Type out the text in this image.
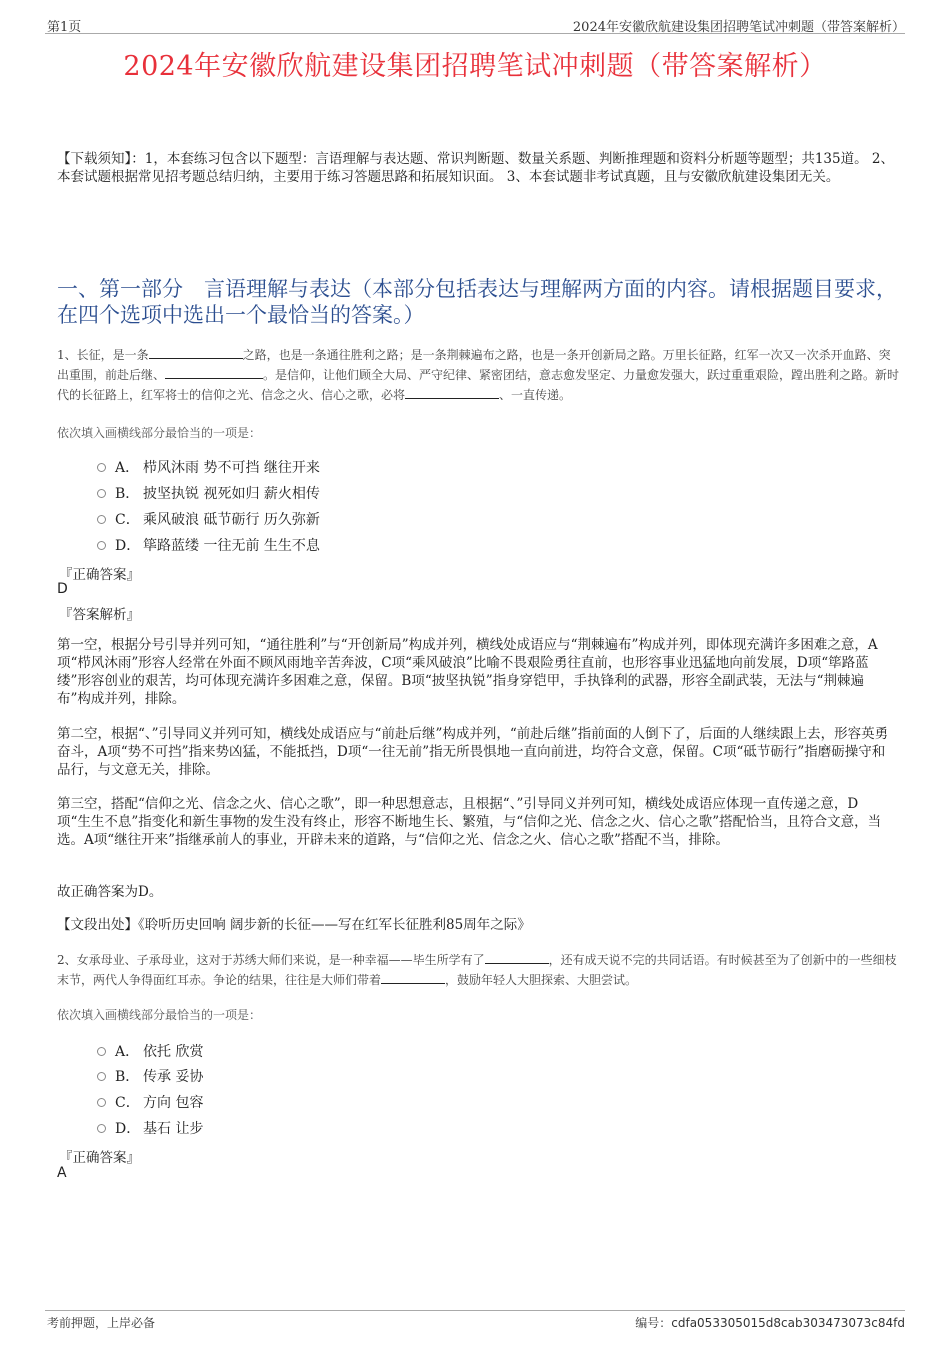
第1页	2024年安徽欣航建设集团招聘笔试冲刺题（带答案解析）
2024年安徽欣航建设集团招聘笔试冲刺题（带答案解析）
【下载须知】：1，本套练习包含以下题型：言语理解与表达题、常识判断题、数量关系题、判断推理题和资料分析题等题型；共135道。 2、本套试题根据常见招考题总结归纳，主要用于练习答题思路和拓展知识面。 3、本套试题非考试真题，且与安徽欣航建设集团无关。
一、第一部分　言语理解与表达（本部分包括表达与理解两方面的内容。请根据题目要求，在四个选项中选出一个最恰当的答案。）
1、长征，是一条	之路，也是一条通往胜利之路；是一条荆棘遍布之路，也是一条开创新局之路。万里长征路，红军一次又一次杀开血路、突出重围，前赴后继、	。是信仰，让他们顾全大局、严守纪律、紧密团结，意志愈发坚定、力量愈发强大，跃过重重艰险，蹚出胜利之路。新时代的长征路上，红军将士的信仰之光、信念之火、信心之歌，必将	、一直传递。
依次填入画横线部分最恰当的一项是：
A． 栉风沐雨 势不可挡 继往开来
B． 披坚执锐 视死如归 薪火相传
C． 乘风破浪 砥节砺行 历久弥新
D． 筚路蓝缕 一往无前 生生不息
『正确答案』
D
『答案解析』
第一空，根据分号引导并列可知，“通往胜利”与“开创新局”构成并列，横线处成语应与“荆棘遍布”构成并列，即体现充满许多困难之意，A项“栉风沐雨”形容人经常在外面不顾风雨地辛苦奔波，C项“乘风破浪”比喻不畏艰险勇往直前，也形容事业迅猛地向前发展，D项“筚路蓝缕”形容创业的艰苦，均可体现充满许多困难之意，保留。B项“披坚执锐”指身穿铠甲，手执锋利的武器，形容全副武装，无法与“荆棘遍布”构成并列，排除。
第二空，根据“、”引导同义并列可知，横线处成语应与“前赴后继”构成并列，“前赴后继”指前面的人倒下了，后面的人继续跟上去，形容英勇奋斗，A项“势不可挡”指来势凶猛，不能抵挡，D项“一往无前”指无所畏惧地一直向前进，均符合文意，保留。C项“砥节砺行”指磨砺操守和品行，与文意无关，排除。
第三空，搭配“信仰之光、信念之火、信心之歌”，即一种思想意志，且根据“、”引导同义并列可知，横线处成语应体现一直传递之意，D项“生生不息”指变化和新生事物的发生没有终止，形容不断地生长、繁殖，与“信仰之光、信念之火、信心之歌”搭配恰当，且符合文意，当选。A项“继往开来”指继承前人的事业，开辟未来的道路，与“信仰之光、信念之火、信心之歌”搭配不当，排除。
故正确答案为D。
【文段出处】《聆听历史回响 阔步新的长征——写在红军长征胜利85周年之际》
2、女承母业、子承母业，这对于苏绣大师们来说，是一种幸福——毕生所学有了	，还有成天说不完的共同话语。有时候甚至为了创新中的一些细枝末节，两代人争得面红耳赤。争论的结果，往往是大师们带着	，鼓励年轻人大胆探索、大胆尝试。
依次填入画横线部分最恰当的一项是：
A． 依托 欣赏
B． 传承 妥协
C． 方向 包容
D． 基石 让步
『正确答案』
A
考前押题，上岸必备	编号：cdfa053305015d8cab303473073c84fd
